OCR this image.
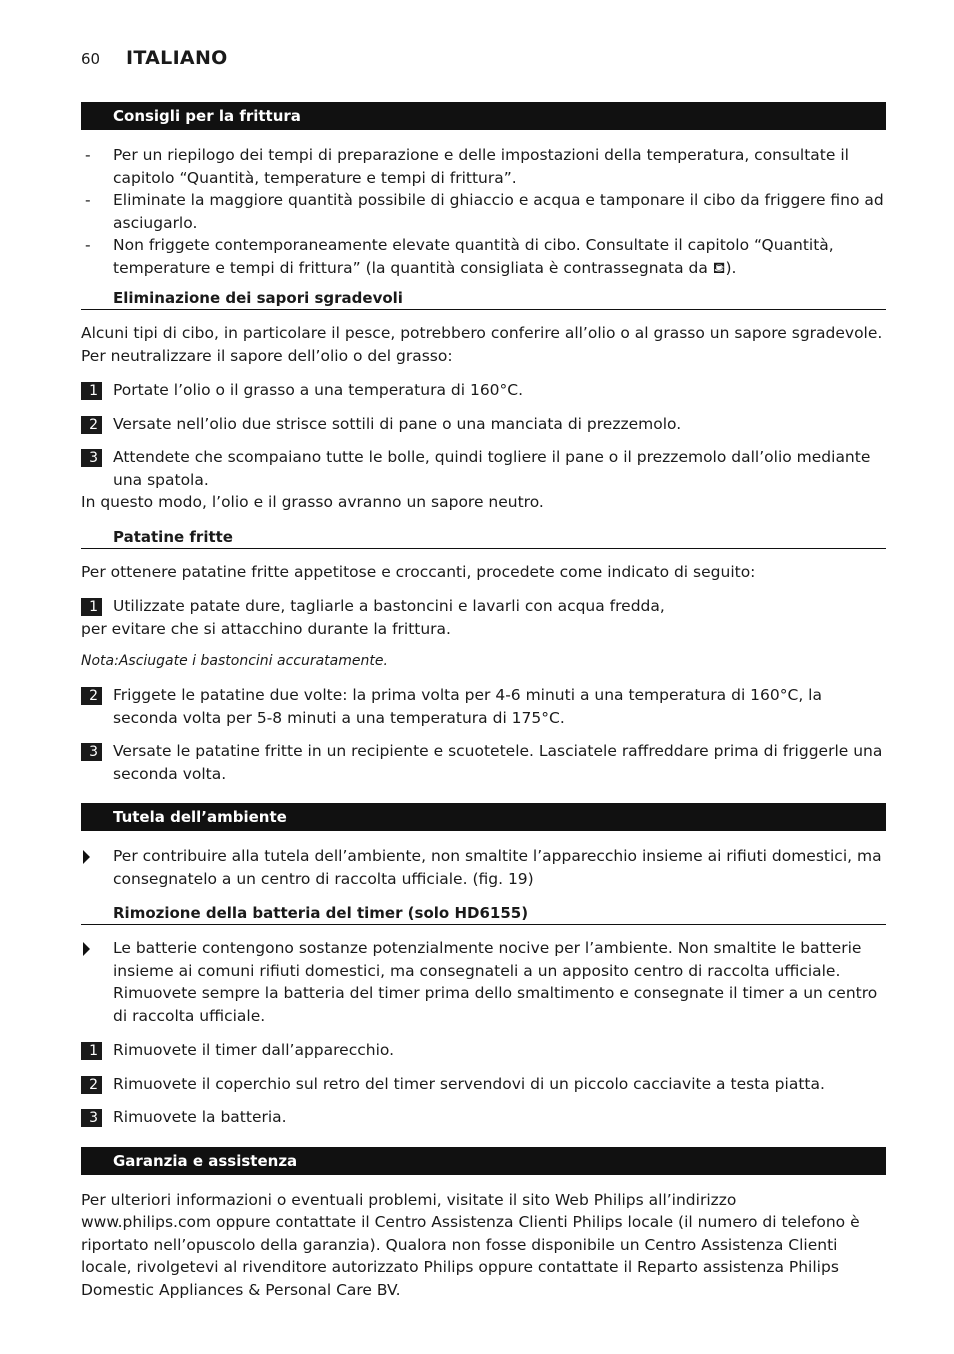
60 ITALIANO
Consigli per la frittura
- Per un riepilogo dei tempi di preparazione e delle impostazioni della temperatura, consultate il capitolo “Quantità, temperature e tempi di frittura”.
- Eliminate la maggiore quantità possibile di ghiaccio e acqua e tamponare il cibo da friggere fino ad asciugarlo.
- Non friggete contemporaneamente elevate quantità di cibo. Consultate il capitolo “Quantità, temperature e tempi di frittura” (la quantità consigliata è contrassegnata da ⛾).
Eliminazione dei sapori sgradevoli

Alcuni tipi di cibo, in particolare il pesce, potrebbero conferire all’olio o al grasso un sapore sgradevole. Per neutralizzare il sapore dell’olio o del grasso:

1 Portate l’olio o il grasso a una temperatura di 160°C.
2 Versate nell’olio due strisce sottili di pane o una manciata di prezzemolo.
3 Attendete che scompaiano tutte le bolle, quindi togliere il pane o il prezzemolo dall’olio mediante una spatola.

In questo modo, l’olio e il grasso avranno un sapore neutro.

Patatine fritte

Per ottenere patatine fritte appetitose e croccanti, procedete come indicato di seguito:

1 Utilizzate patate dure, tagliarle a bastoncini e lavarli con acqua fredda,

per evitare che si attacchino durante la frittura.

Nota:Asciugate i bastoncini accuratamente.

2 Friggete le patatine due volte: la prima volta per 4-6 minuti a una temperatura di 160°C, la seconda volta per 5-8 minuti a una temperatura di 175°C.
3 Versate le patatine fritte in un recipiente e scuotetele. Lasciatele raffreddare prima di friggerle una seconda volta.
Tutela dell’ambiente
Per contribuire alla tutela dell’ambiente, non smaltite l’apparecchio insieme ai rifiuti domestici, ma consegnatelo a un centro di raccolta ufficiale. (fig. 19)
Rimozione della batteria del timer (solo HD6155)
Le batterie contengono sostanze potenzialmente nocive per l’ambiente. Non smaltite le batterie insieme ai comuni rifiuti domestici, ma consegnateli a un apposito centro di raccolta ufficiale. Rimuovete sempre la batteria del timer prima dello smaltimento e consegnate il timer a un centro di raccolta ufficiale.
1 Rimuovete il timer dall’apparecchio.
2 Rimuovete il coperchio sul retro del timer servendovi di un piccolo cacciavite a testa piatta.
3 Rimuovete la batteria.
Garanzia e assistenza

Per ulteriori informazioni o eventuali problemi, visitate il sito Web Philips all’indirizzo
www.philips.com oppure contattate il Centro Assistenza Clienti Philips locale (il numero di telefono è riportato nell’opuscolo della garanzia). Qualora non fosse disponibile un Centro Assistenza Clienti locale, rivolgetevi al rivenditore autorizzato Philips oppure contattate il Reparto assistenza Philips Domestic Appliances & Personal Care BV.
